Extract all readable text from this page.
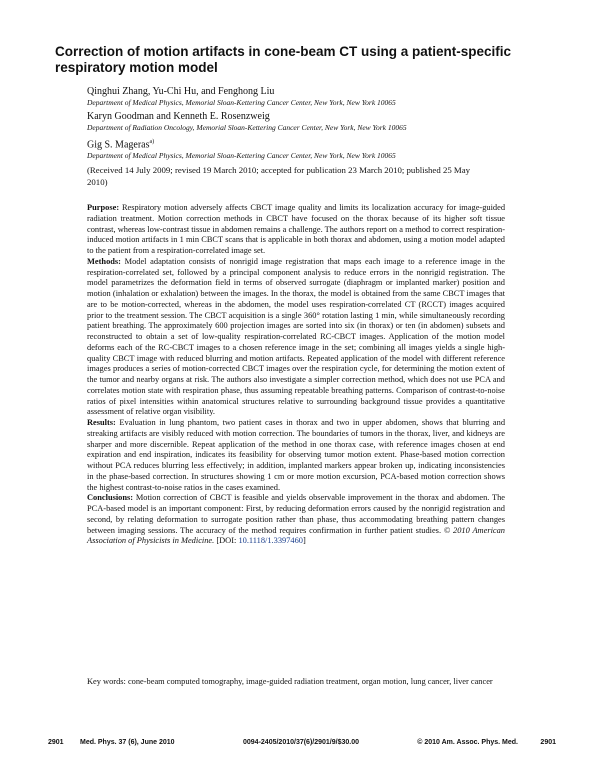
Correction of motion artifacts in cone-beam CT using a patient-specific
respiratory motion model
Qinghui Zhang, Yu-Chi Hu, and Fenghong Liu
Department of Medical Physics, Memorial Sloan-Kettering Cancer Center, New York, New York 10065
Karyn Goodman and Kenneth E. Rosenzweig
Department of Radiation Oncology, Memorial Sloan-Kettering Cancer Center, New York, New York 10065
Gig S. Mageras$^{a)}$
Department of Medical Physics, Memorial Sloan-Kettering Cancer Center, New York, New York 10065
(Received 14 July 2009; revised 19 March 2010; accepted for publication 23 March 2010; published 25 May 2010)

Purpose: Respiratory motion adversely affects CBCT image quality and limits its localization accuracy for image-guided radiation treatment. Motion correction methods in CBCT have focused on the thorax because of its higher soft tissue contrast, whereas low-contrast tissue in abdomen remains a challenge. The authors report on a method to correct respiration-induced motion artifacts in 1 min CBCT scans that is applicable in both thorax and abdomen, using a motion model adapted to the patient from a respiration-correlated image set.

Methods: Model adaptation consists of nonrigid image registration that maps each image to a reference image in the respiration-correlated set, followed by a principal component analysis to reduce errors in the nonrigid registration. The model parametrizes the deformation field in terms of observed surrogate (diaphragm or implanted marker) position and motion (inhalation or exhalation) between the images. In the thorax, the model is obtained from the same CBCT images that are to be motion-corrected, whereas in the abdomen, the model uses respiration-correlated CT (RCCT) images acquired prior to the treatment session. The CBCT acquisition is a single 360° rotation lasting 1 min, while simultaneously recording patient breathing. The approximately 600 projection images are sorted into six (in thorax) or ten (in abdomen) subsets and reconstructed to obtain a set of low-quality respiration-correlated RC-CBCT images. Application of the motion model deforms each of the RC-CBCT images to a chosen reference image in the set; combining all images yields a single high-quality CBCT image with reduced blurring and motion artifacts. Repeated application of the model with different reference images produces a series of motion-corrected CBCT images over the respiration cycle, for determining the motion extent of the tumor and nearby organs at risk. The authors also investigate a simpler correction method, which does not use PCA and correlates motion state with respiration phase, thus assuming repeatable breathing patterns. Comparison of contrast-to-noise ratios of pixel intensities within anatomical structures relative to surrounding background tissue provides a quantitative assessment of relative organ visibility.

Results: Evaluation in lung phantom, two patient cases in thorax and two in upper abdomen, shows that blurring and streaking artifacts are visibly reduced with motion correction. The boundaries of tumors in the thorax, liver, and kidneys are sharper and more discernible. Repeat application of the method in one thorax case, with reference images chosen at end expiration and end inspiration, indicates its feasibility for observing tumor motion extent. Phase-based motion correction without PCA reduces blurring less effectively; in addition, implanted markers appear broken up, indicating inconsistencies in the phase-based correction. In structures showing 1 cm or more motion excursion, PCA-based motion correction shows the highest contrast-to-noise ratios in the cases examined.

Conclusions: Motion correction of CBCT is feasible and yields observable improvement in the thorax and abdomen. The PCA-based model is an important component: First, by reducing deformation errors caused by the nonrigid registration and second, by relating deformation to surrogate position rather than phase, thus accommodating breathing pattern changes between imaging sessions. The accuracy of the method requires confirmation in further patient studies. © 2010 American Association of Physicists in Medicine. [DOI: 10.1118/1.3397460]

Key words: cone-beam computed tomography, image-guided radiation treatment, organ motion, lung cancer, liver cancer
2901 Med. Phys. 37 (6), June 2010	0094-2405/2010/37(6)/2901/9/$30.00	© 2010 Am. Assoc. Phys. Med.	2901
